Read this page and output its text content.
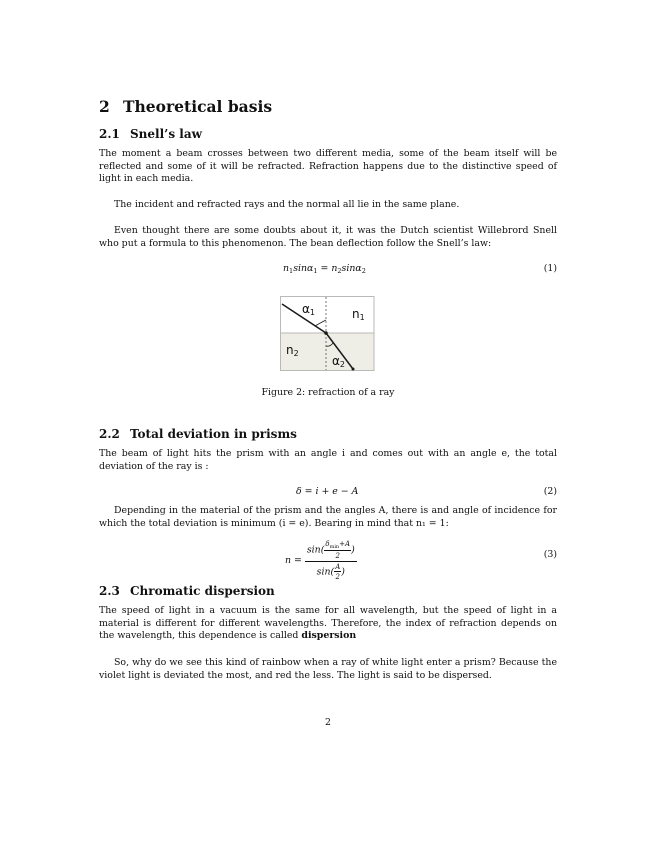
2 Theoretical basis
2.1 Snell’s law

The moment a beam crosses between two different media, some of the beam itself will be reflected and some of it will be refracted. Refraction happens due to the distinctive speed of light in each media.

The incident and refracted rays and the normal all lie in the same plane.

Even thought there are some doubts about it, it was the Dutch scientist Willebrord Snell who put a formula to this phenomenon. The bean deflection follow the Snell’s law:

$n_1\sin\alpha_1 = n_2\sin\alpha_2$	(1)
$\alpha_1$	$n_1$
$n_2$
$\alpha_2$
Figure 2: refraction of a ray
2.2 Total deviation in prisms

The beam of light hits the prism with an angle i and comes out with an angle e, the total deviation of the ray is :

δ = i + e − A	(2)

Depending in the material of the prism and the angles A, there is and angle of incidence for which the total deviation is minimum (i = e). Bearing in mind that n₁ = 1:

$n = \frac{\sin( \frac{\delta_{min}+A}{2} )}{\sin( \frac{A}{2} )}$	(3)
2.3 Chromatic dispersion

The speed of light in a vacuum is the same for all wavelength, but the speed of light in a material is different for different wavelengths. Therefore, the index of refraction depends on the wavelength, this dependence is called dispersion

So, why do we see this kind of rainbow when a ray of white light enter a prism? Because the violet light is deviated the most, and red the less. The light is said to be dispersed.

2
